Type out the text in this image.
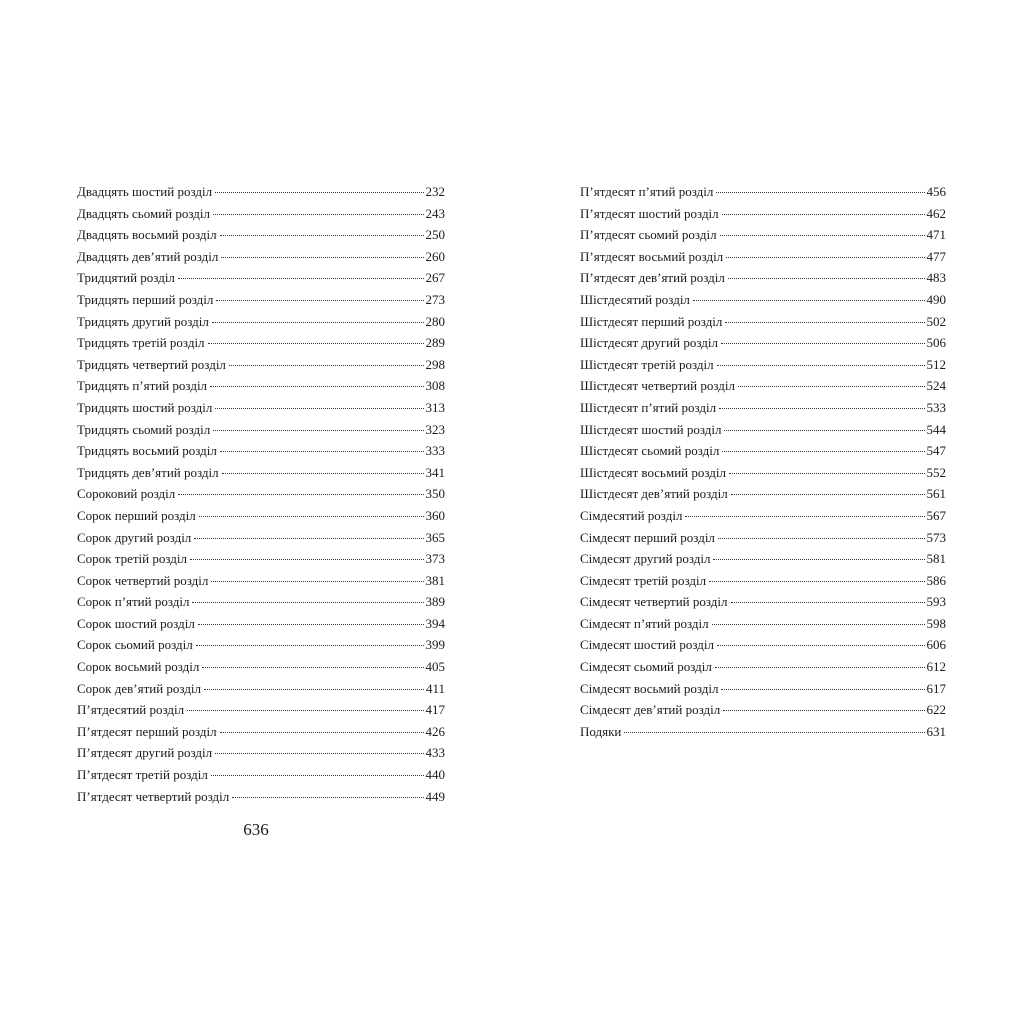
Двадцять шостий розділ	232
Двадцять сьомий розділ	243
Двадцять восьмий розділ	250
Двадцять дев’ятий розділ	260
Тридцятий розділ	267
Тридцять перший розділ	273
Тридцять другий розділ	280
Тридцять третій розділ	289
Тридцять четвертий розділ	298
Тридцять п’ятий розділ	308
Тридцять шостий розділ	313
Тридцять сьомий розділ	323
Тридцять восьмий розділ	333
Тридцять дев’ятий розділ	341
Сороковий розділ	350
Сорок перший розділ	360
Сорок другий розділ	365
Сорок третій розділ	373
Сорок четвертий розділ	381
Сорок п’ятий розділ	389
Сорок шостий розділ	394
Сорок сьомий розділ	399
Сорок восьмий розділ	405
Сорок дев’ятий розділ	411
П’ятдесятий розділ	417
П’ятдесят перший розділ	426
П’ятдесят другий розділ	433
П’ятдесят третій розділ	440
П’ятдесят четвертий розділ	449
П’ятдесят п’ятий розділ	456
П’ятдесят шостий розділ	462
П’ятдесят сьомий розділ	471
П’ятдесят восьмий розділ	477
П’ятдесят дев’ятий розділ	483
Шістдесятий розділ	490
Шістдесят перший розділ	502
Шістдесят другий розділ	506
Шістдесят третій розділ	512
Шістдесят четвертий розділ	524
Шістдесят п’ятий розділ	533
Шістдесят шостий розділ	544
Шістдесят сьомий розділ	547
Шістдесят восьмий розділ	552
Шістдесят дев’ятий розділ	561
Сімдесятий розділ	567
Сімдесят перший розділ	573
Сімдесят другий розділ	581
Сімдесят третій розділ	586
Сімдесят четвертий розділ	593
Сімдесят п’ятий розділ	598
Сімдесят шостий розділ	606
Сімдесят сьомий розділ	612
Сімдесят восьмий розділ	617
Сімдесят дев’ятий розділ	622
Подяки	631
636
